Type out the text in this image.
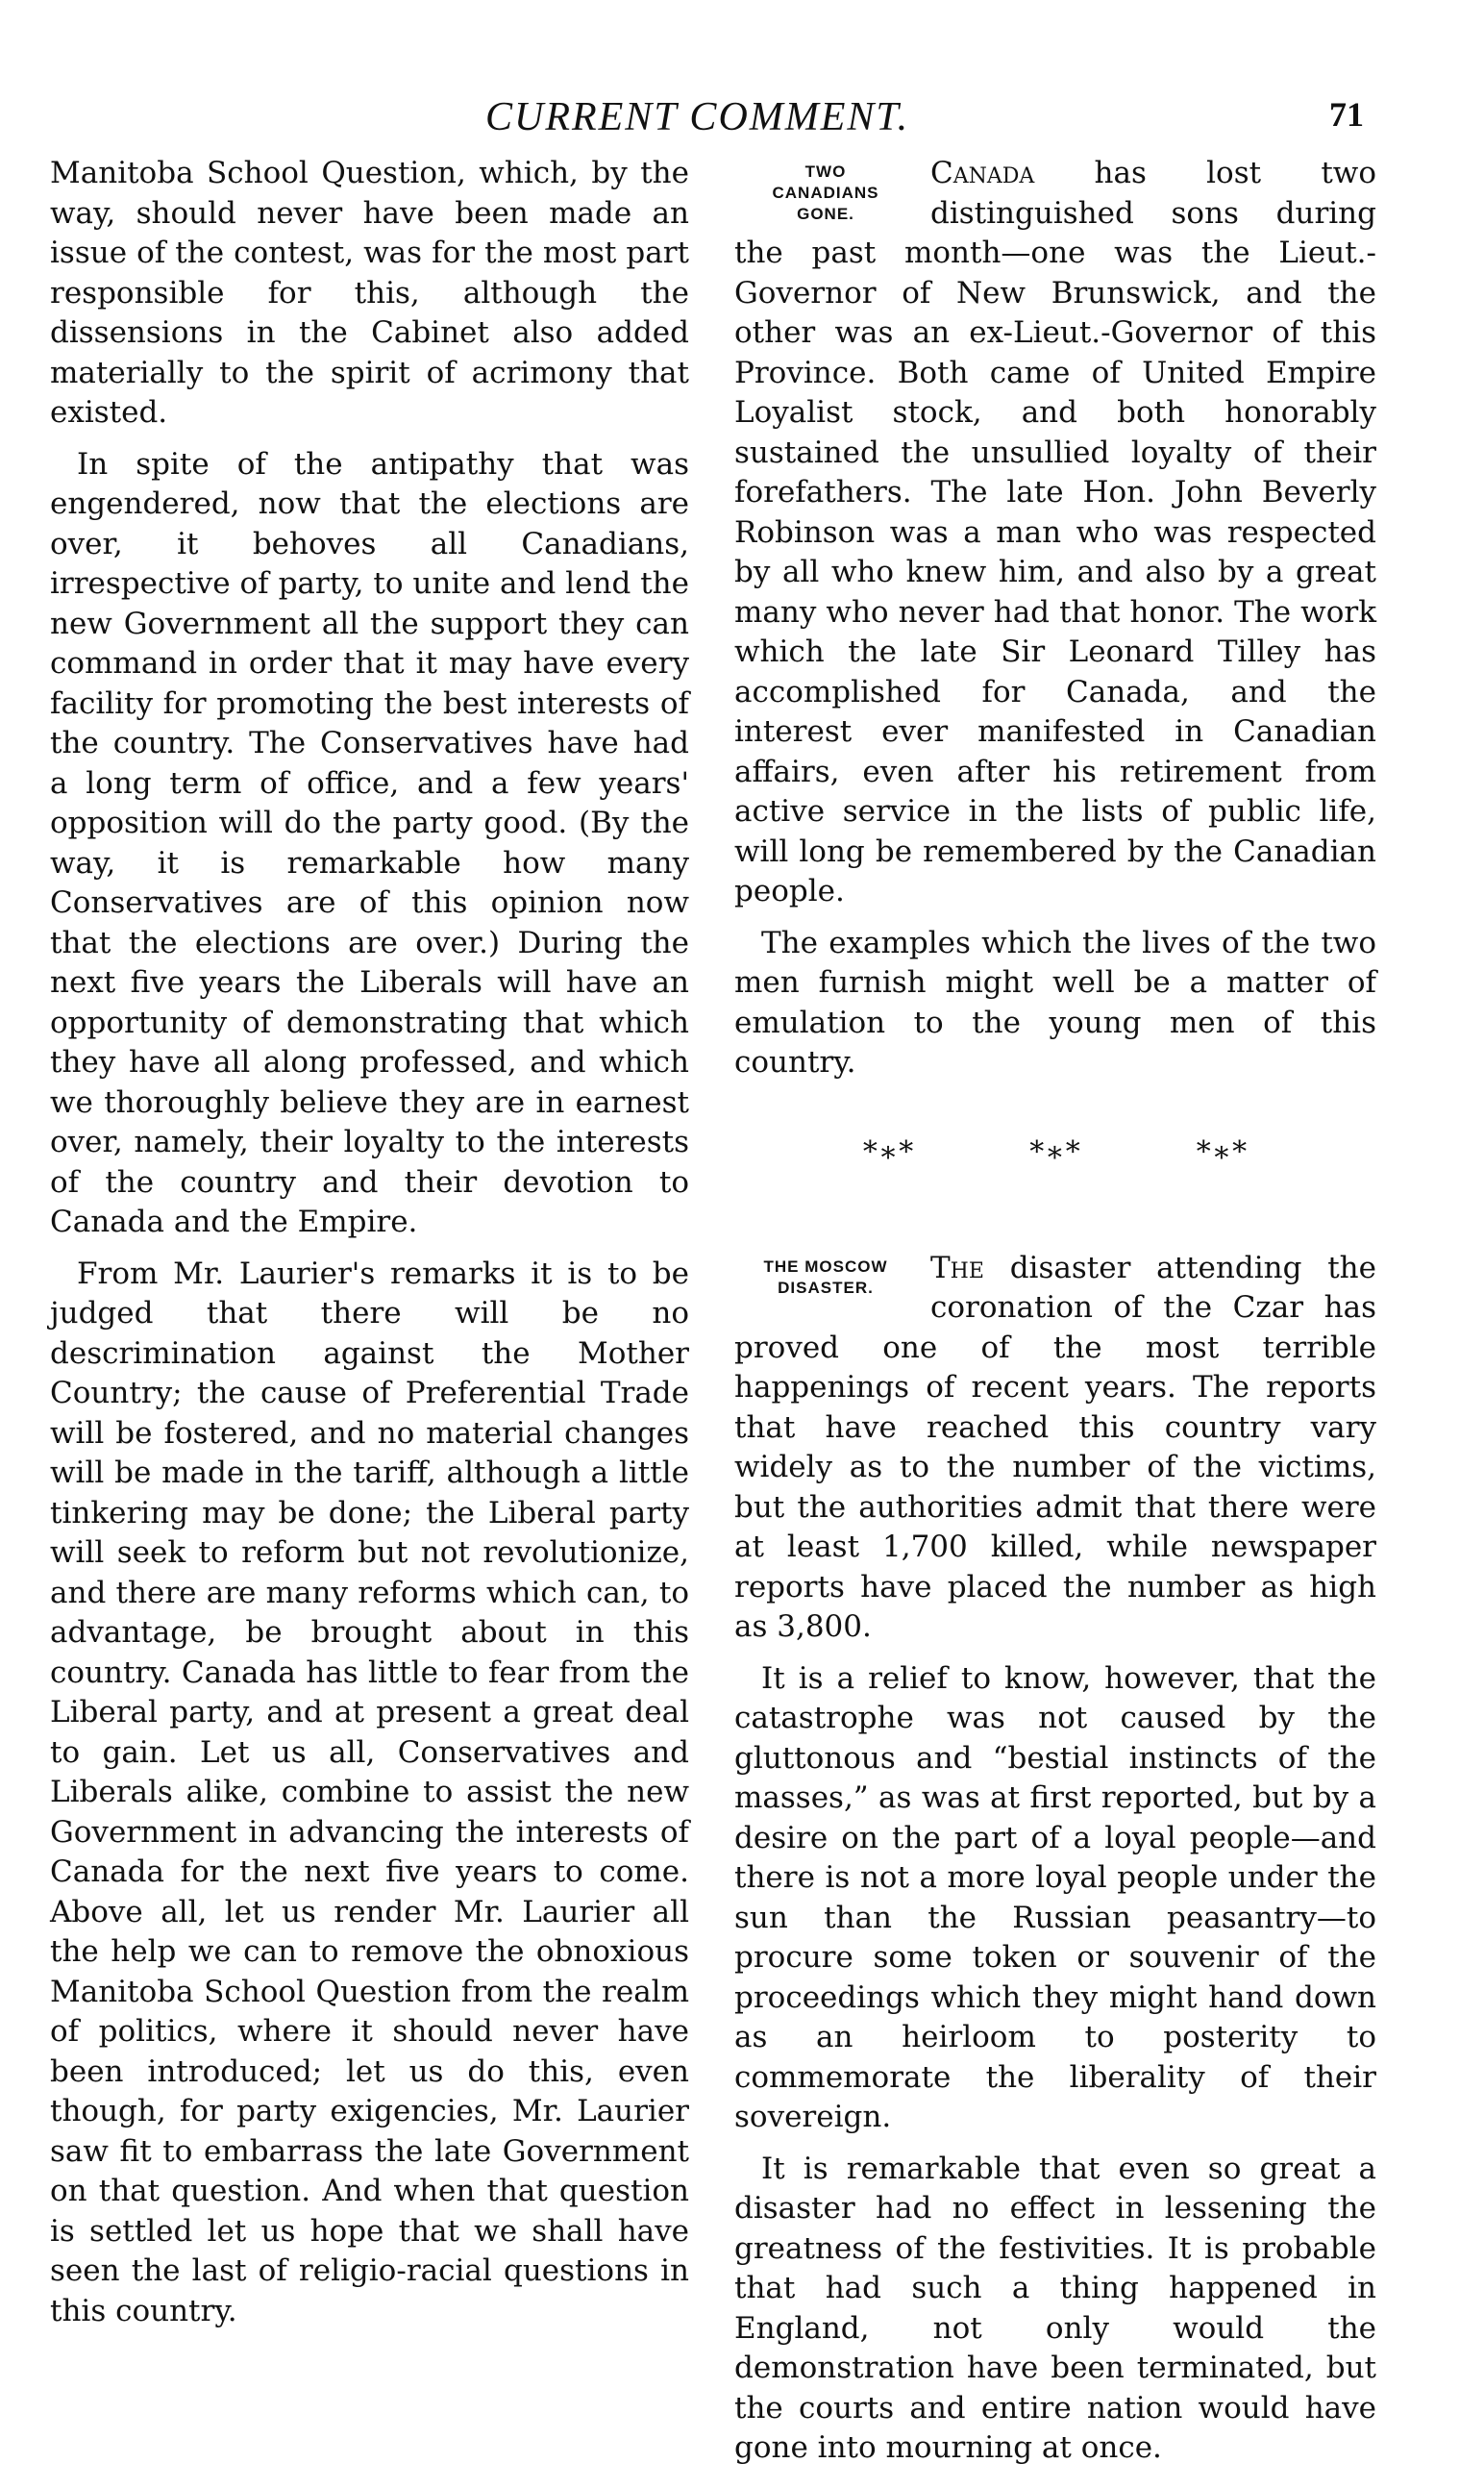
CURRENT COMMENT.	71

Manitoba School Question, which, by the way, should never have been made an issue of the contest, was for the most part responsible for this, although the dissensions in the Cabinet also added materially to the spirit of acrimony that existed.

In spite of the antipathy that was engendered, now that the elections are over, it behoves all Canadians, irrespective of party, to unite and lend the new Government all the support they can command in order that it may have every facility for promoting the best interests of the country. The Conservatives have had a long term of office, and a few years' opposition will do the party good. (By the way, it is remarkable how many Conservatives are of this opinion now that the elections are over.) During the next five years the Liberals will have an opportunity of demonstrating that which they have all along professed, and which we thoroughly believe they are in earnest over, namely, their loyalty to the interests of the country and their devotion to Canada and the Empire.

From Mr. Laurier's remarks it is to be judged that there will be no descrimination against the Mother Country; the cause of Preferential Trade will be fostered, and no material changes will be made in the tariff, although a little tinkering may be done; the Liberal party will seek to reform but not revolutionize, and there are many reforms which can, to advantage, be brought about in this country. Canada has little to fear from the Liberal party, and at present a great deal to gain. Let us all, Conservatives and Liberals alike, combine to assist the new Government in advancing the interests of Canada for the next five years to come. Above all, let us render Mr. Laurier all the help we can to remove the obnoxious Manitoba School Question from the realm of politics, where it should never have been introduced; let us do this, even though, for party exigencies, Mr. Laurier saw fit to embarrass the late Government on that question. And when that question is settled let us hope that we shall have seen the last of religio-racial questions in this country.

TWO
CANADIANS
GONE.

Canada has lost two distinguished sons during the past month—one was the Lieut.-Governor of New Brunswick, and the other was an ex-Lieut.-Governor of this Province. Both came of United Empire Loyalist stock, and both honorably sustained the unsullied loyalty of their forefathers. The late Hon. John Beverly Robinson was a man who was respected by all who knew him, and also by a great many who never had that honor. The work which the late Sir Leonard Tilley has accomplished for Canada, and the interest ever manifested in Canadian affairs, even after his retirement from active service in the lists of public life, will long be remembered by the Canadian people.

The examples which the lives of the two men furnish might well be a matter of emulation to the young men of this country.

*∗*	*∗*	*∗*
THE MOSCOW
DISASTER.

The disaster attending the coronation of the Czar has proved one of the most terrible happenings of recent years. The reports that have reached this country vary widely as to the number of the victims, but the authorities admit that there were at least 1,700 killed, while newspaper reports have placed the number as high as 3,800.

It is a relief to know, however, that the catastrophe was not caused by the gluttonous and “bestial instincts of the masses,” as was at first reported, but by a desire on the part of a loyal people—and there is not a more loyal people under the sun than the Russian peasantry—to procure some token or souvenir of the proceedings which they might hand down as an heirloom to posterity to commemorate the liberality of their sovereign.

It is remarkable that even so great a disaster had no effect in lessening the greatness of the festivities. It is probable that had such a thing happened in England, not only would the demonstration have been terminated, but the courts and entire nation would have gone into mourning at once.
